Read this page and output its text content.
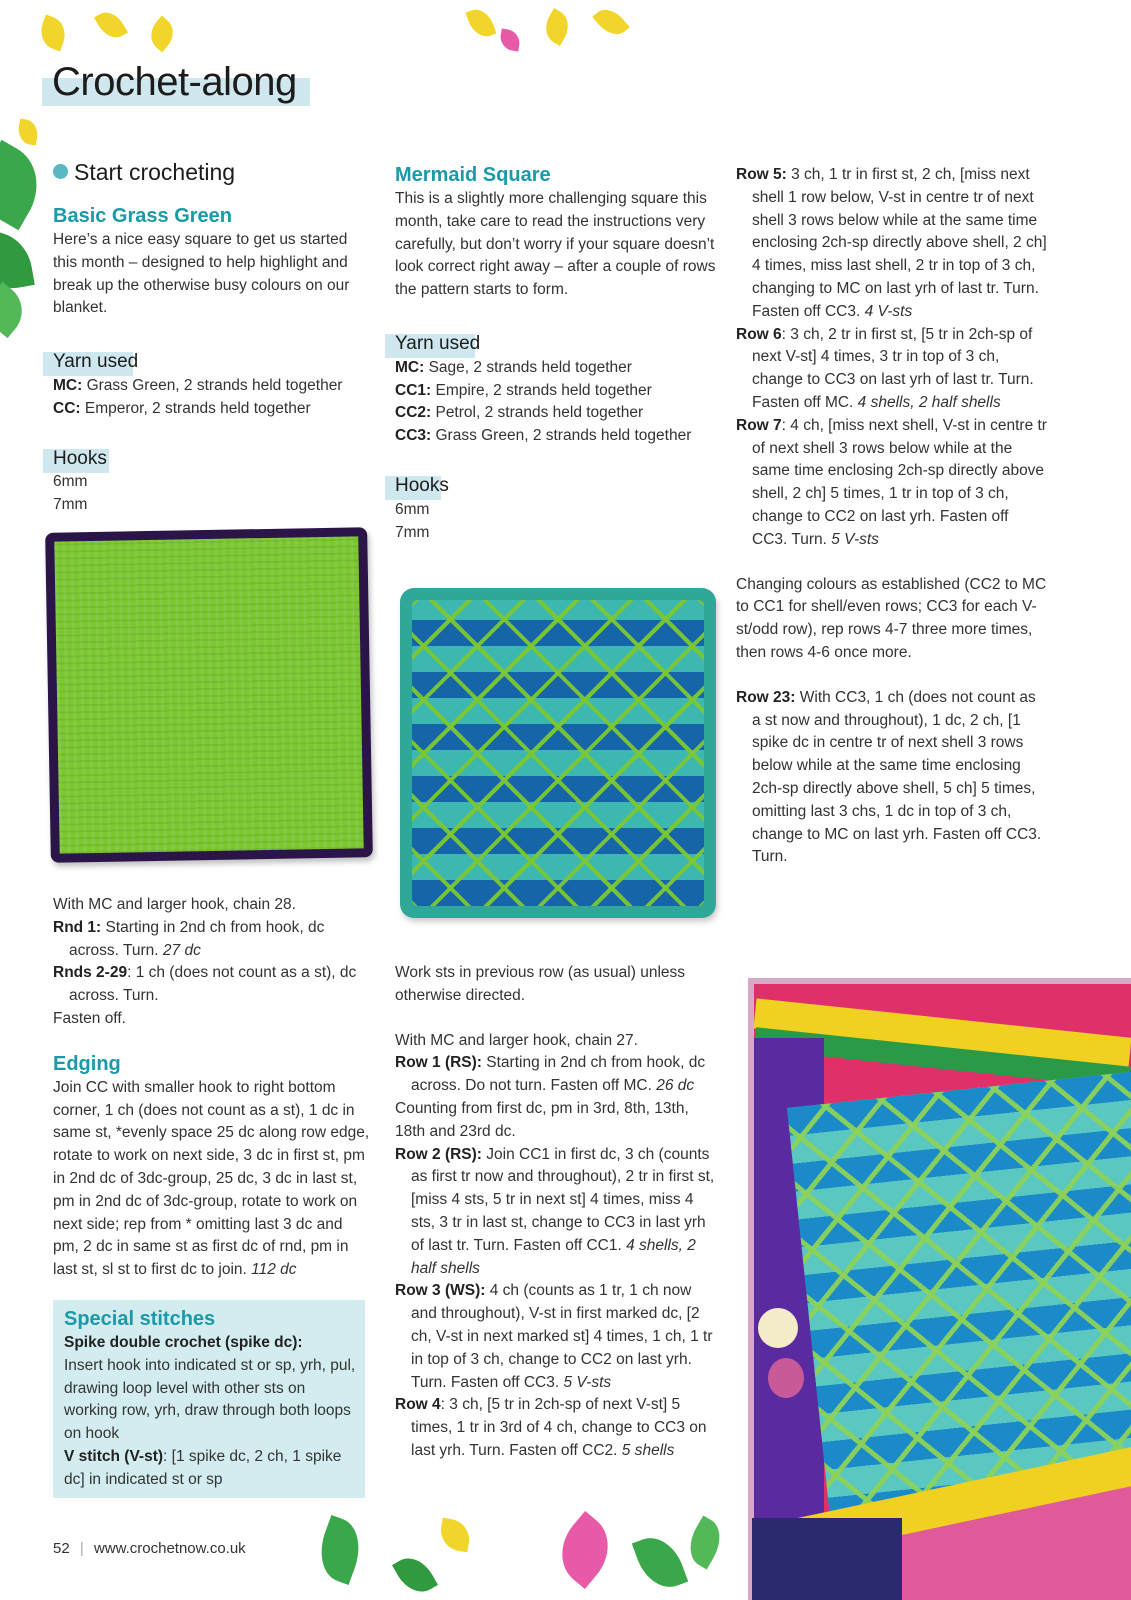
Crochet-along

Start crocheting

Basic Grass Green

Here’s a nice easy square to get us started this month – designed to help highlight and break up the otherwise busy colours on our blanket.

Yarn used

MC: Grass Green, 2 strands held together

CC: Emperor, 2 strands held together

Hooks

6mm

7mm

With MC and larger hook, chain 28.

Rnd 1: Starting in 2nd ch from hook, dc across. Turn. 27 dc

Rnds 2-29: 1 ch (does not count as a st), dc across. Turn.

Fasten off.

Edging

Join CC with smaller hook to right bottom corner, 1 ch (does not count as a st), 1 dc in same st, *evenly space 25 dc along row edge, rotate to work on next side, 3 dc in first st, pm in 2nd dc of 3dc-group, 25 dc, 3 dc in last st, pm in 2nd dc of 3dc-group, rotate to work on next side; rep from * omitting last 3 dc and pm, 2 dc in same st as first dc of rnd, pm in last st, sl st to first dc to join. 112 dc

Special stitches

Spike double crochet (spike dc):

Insert hook into indicated st or sp, yrh, pul, drawing loop level with other sts on working row, yrh, draw through both loops on hook

V stitch (V-st): [1 spike dc, 2 ch, 1 spike dc] in indicated st or sp

Mermaid Square

This is a slightly more challenging square this month, take care to read the instructions very carefully, but don’t worry if your square doesn’t look correct right away – after a couple of rows the pattern starts to form.

Yarn used

MC: Sage, 2 strands held together

CC1: Empire, 2 strands held together

CC2: Petrol, 2 strands held together

CC3: Grass Green, 2 strands held together

Hooks

6mm

7mm

Work sts in previous row (as usual) unless otherwise directed.

With MC and larger hook, chain 27.

Row 1 (RS): Starting in 2nd ch from hook, dc across. Do not turn. Fasten off MC. 26 dc

Counting from first dc, pm in 3rd, 8th, 13th, 18th and 23rd dc.

Row 2 (RS): Join CC1 in first dc, 3 ch (counts as first tr now and throughout), 2 tr in first st, [miss 4 sts, 5 tr in next st] 4 times, miss 4 sts, 3 tr in last st, change to CC3 in last yrh of last tr. Turn. Fasten off CC1. 4 shells, 2 half shells

Row 3 (WS): 4 ch (counts as 1 tr, 1 ch now and throughout), V-st in first marked dc, [2 ch, V-st in next marked st] 4 times, 1 ch, 1 tr in top of 3 ch, change to CC2 on last yrh. Turn. Fasten off CC3. 5 V-sts

Row 4: 3 ch, [5 tr in 2ch-sp of next V-st] 5 times, 1 tr in 3rd of 4 ch, change to CC3 on last yrh. Turn. Fasten off CC2. 5 shells

Row 5: 3 ch, 1 tr in first st, 2 ch, [miss next shell 1 row below, V-st in centre tr of next shell 3 rows below while at the same time enclosing 2ch-sp directly above shell, 2 ch] 4 times, miss last shell, 2 tr in top of 3 ch, changing to MC on last yrh of last tr. Turn. Fasten off CC3. 4 V-sts

Row 6: 3 ch, 2 tr in first st, [5 tr in 2ch-sp of next V-st] 4 times, 3 tr in top of 3 ch, change to CC3 on last yrh of last tr. Turn. Fasten off MC. 4 shells, 2 half shells

Row 7: 4 ch, [miss next shell, V-st in centre tr of next shell 3 rows below while at the same time enclosing 2ch-sp directly above shell, 2 ch] 5 times, 1 tr in top of 3 ch, change to CC2 on last yrh. Fasten off CC3. Turn. 5 V-sts

Changing colours as established (CC2 to MC to CC1 for shell/even rows; CC3 for each V-st/odd row), rep rows 4-7 three more times, then rows 4-6 once more.

Row 23: With CC3, 1 ch (does not count as a st now and throughout), 1 dc, 2 ch, [1 spike dc in centre tr of next shell 3 rows below while at the same time enclosing 2ch-sp directly above shell, 5 ch] 5 times, omitting last 3 chs, 1 dc in top of 3 ch, change to MC on last yrh. Fasten off CC3. Turn.

52 | www.crochetnow.co.uk
